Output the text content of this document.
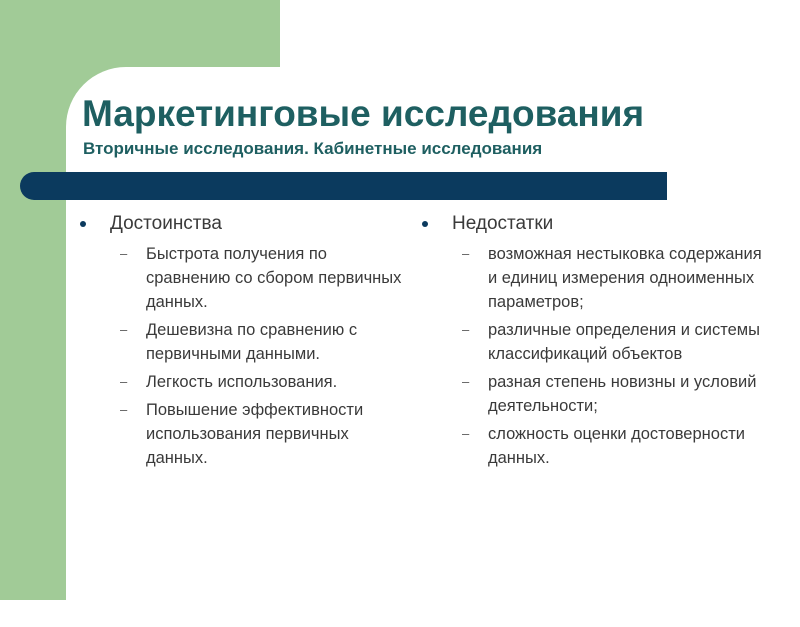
Маркетинговые исследования
Вторичные исследования. Кабинетные исследования
Достоинства
– Быстрота получения по сравнению со сбором первичных данных.
– Дешевизна по сравнению с первичными данными.
– Легкость использования.
– Повышение эффективности использования первичных данных.
Недостатки
– возможная нестыковка содержания и единиц измерения одноименных параметров;
– различные определения и системы классификаций объектов
– разная степень новизны и условий деятельности;
– сложность оценки достоверности данных.
